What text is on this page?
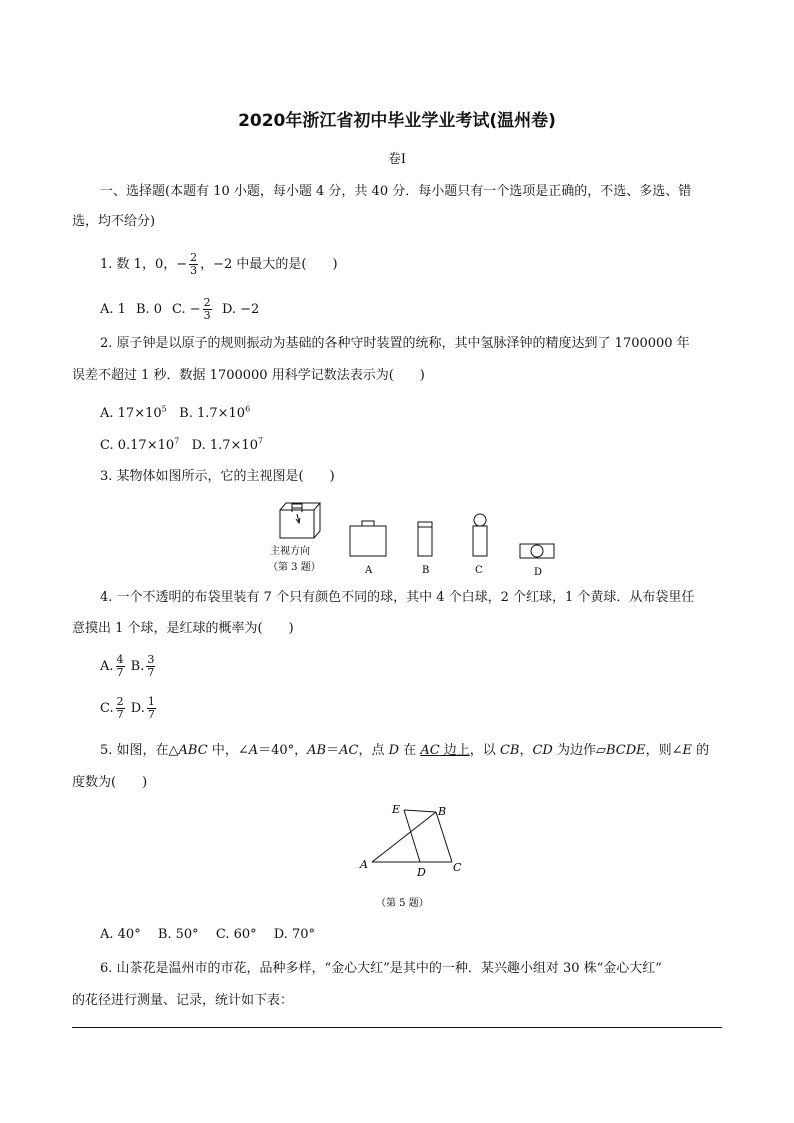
2020年浙江省初中毕业学业考试(温州卷)
卷Ⅰ
一、选择题(本题有 10 小题，每小题 4 分，共 40 分．每小题只有一个选项是正确的，不选、多选、错
选，均不给分)
1. 数 1，0，− $\frac{2}{3}$ ，−2 中最大的是(　　)
A. 1 B. 0 C. − $\frac{2}{3} D$. −2
2. 原子钟是以原子的规则振动为基础的各种守时装置的统称，其中氢脉泽钟的精度达到了 1700000 年
误差不超过 1 秒．数据 1700000 用科学记数法表示为(　　)
A. $17\times 10^5$ B. $1.7\times 10^6$
C. $0.17\times 10^7$ D. $1.7\times 10^7$
3. 某物体如图所示，它的主视图是(　　)
主视方向
（第 3 题）	A	B	C	D
4. 一个不透明的布袋里装有 7 个只有颜色不同的球，其中 4 个白球，2 个红球，1 个黄球．从布袋里任
意摸出 1 个球，是红球的概率为(　　)
A. $\frac{4}{7} B$. $\frac{3}{7}$
C. $\frac{2}{7} D$. $\frac{1}{7}$
5. 如图，在△ABC 中，∠A＝40°，AB＝AC，点 D 在 AC 边上，以 CB，CD 为边作▱BCDE，则∠E 的
度数为(　　)
E	B
A
D C
（第 5 题）
A. 40°　 B. 50°　 C. 60°　 D. 70°
6. 山茶花是温州市的市花，品种多样，“金心大红”是其中的一种．某兴趣小组对 30 株“金心大红”
的花径进行测量、记录，统计如下表：
